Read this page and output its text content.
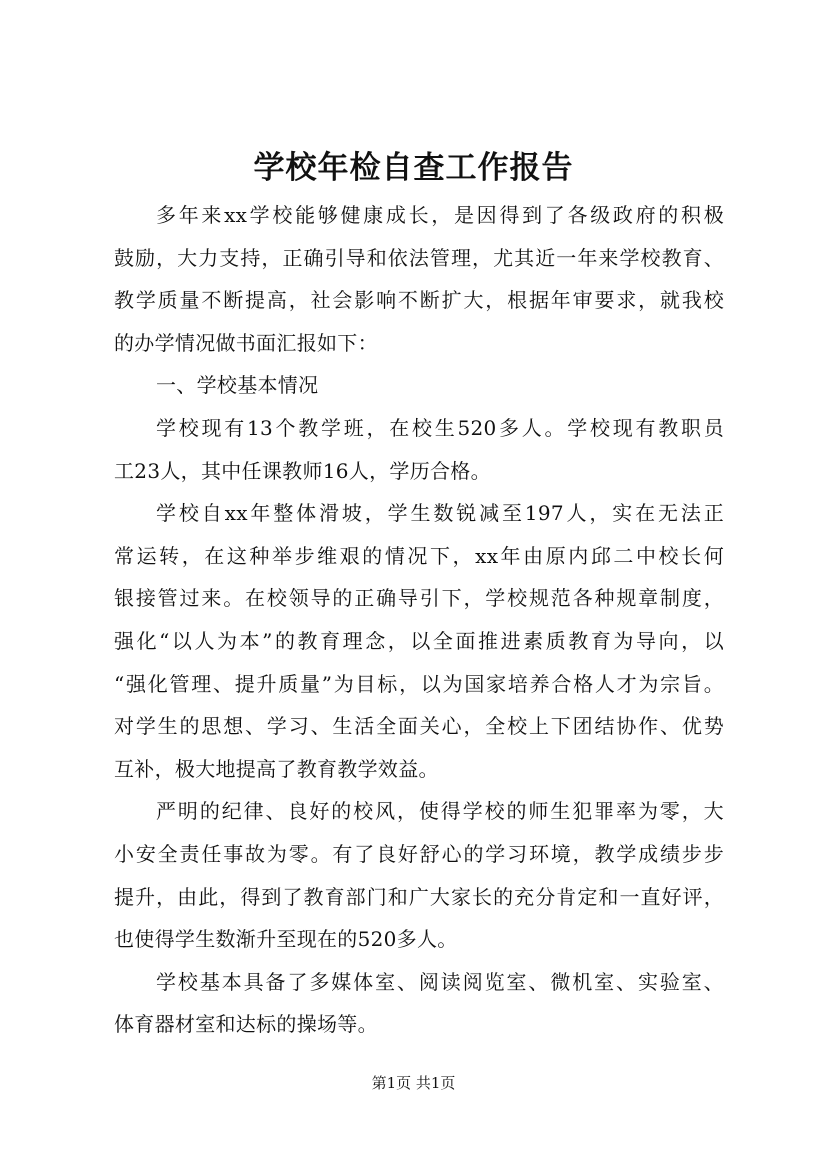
学校年检自查工作报告
多年来xx学校能够健康成长，是因得到了各级政府的积极
鼓励，大力支持，正确引导和依法管理，尤其近一年来学校教育、
教学质量不断提高，社会影响不断扩大，根据年审要求，就我校
的办学情况做书面汇报如下：
一、学校基本情况
学校现有13个教学班，在校生520多人。学校现有教职员
工23人，其中任课教师16人，学历合格。
学校自xx年整体滑坡，学生数锐减至197人，实在无法正
常运转，在这种举步维艰的情况下，xx年由原内邱二中校长何
银接管过来。在校领导的正确导引下，学校规范各种规章制度，
强化“以人为本”的教育理念，以全面推进素质教育为导向，以
“强化管理、提升质量”为目标，以为国家培养合格人才为宗旨。
对学生的思想、学习、生活全面关心，全校上下团结协作、优势
互补，极大地提高了教育教学效益。
严明的纪律、良好的校风，使得学校的师生犯罪率为零，大
小安全责任事故为零。有了良好舒心的学习环境，教学成绩步步
提升，由此，得到了教育部门和广大家长的充分肯定和一直好评，
也使得学生数渐升至现在的520多人。
学校基本具备了多媒体室、阅读阅览室、微机室、实验室、
体育器材室和达标的操场等。
第1页 共1页
